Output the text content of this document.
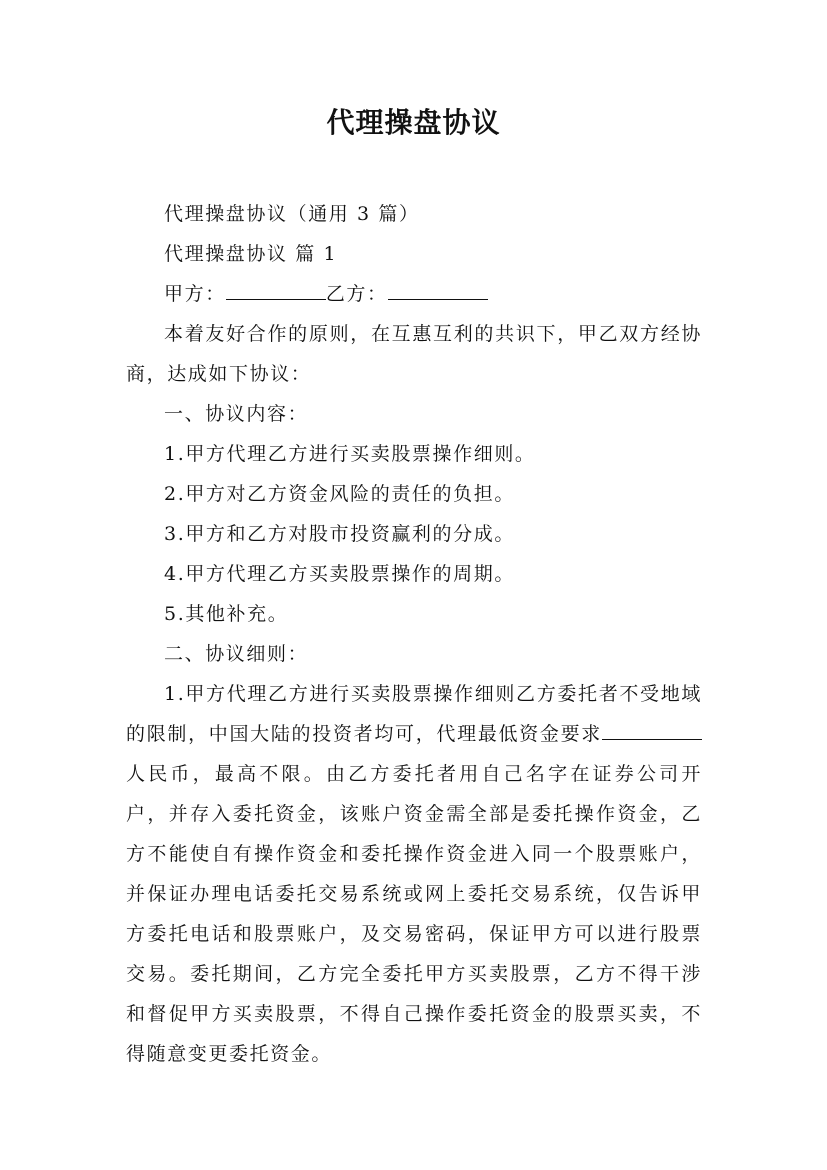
代理操盘协议

代理操盘协议（通用 3 篇）

代理操盘协议 篇 1

甲方：	乙方：

本着友好合作的原则，在互惠互利的共识下，甲乙双方经协商，达成如下协议：

一、协议内容：

1.甲方代理乙方进行买卖股票操作细则。

2.甲方对乙方资金风险的责任的负担。

3.甲方和乙方对股市投资赢利的分成。

4.甲方代理乙方买卖股票操作的周期。

5.其他补充。

二、协议细则：

1.甲方代理乙方进行买卖股票操作细则乙方委托者不受地域的限制，中国大陆的投资者均可，代理最低资金要求人民币，最高不限。由乙方委托者用自己名字在证券公司开户，并存入委托资金，该账户资金需全部是委托操作资金，乙方不能使自有操作资金和委托操作资金进入同一个股票账户，并保证办理电话委托交易系统或网上委托交易系统，仅告诉甲方委托电话和股票账户，及交易密码，保证甲方可以进行股票交易。委托期间，乙方完全委托甲方买卖股票，乙方不得干涉和督促甲方买卖股票，不得自己操作委托资金的股票买卖，不得随意变更委托资金。
